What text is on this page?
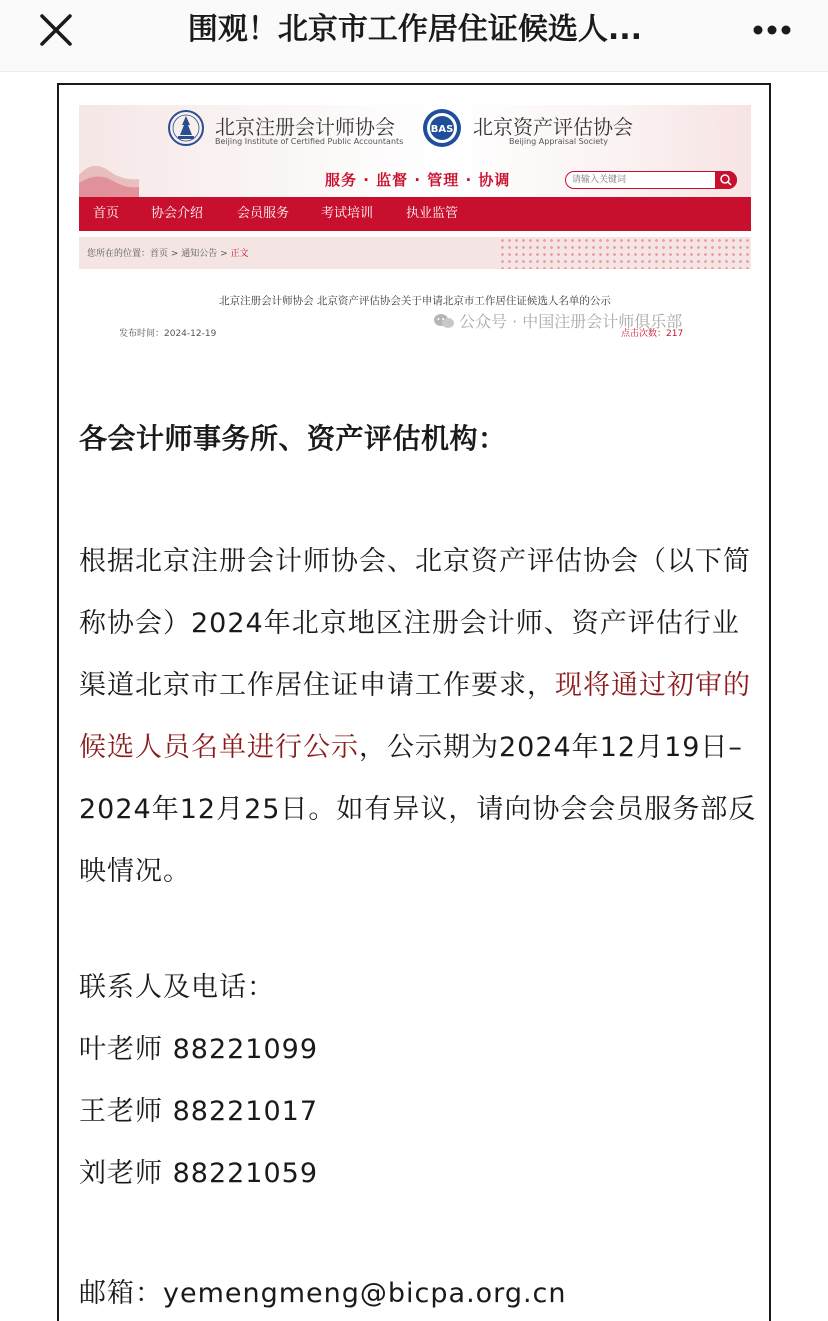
围观！北京市工作居住证候选人...
北京注册会计师协会
Beijing Institute of Certified Public Accountants
BAS 北京资产评估协会
Beijing Appraisal Society
服务 · 监督 · 管理 · 协调
请输入关键词
首页 协会介绍	会员服务 考试培训	执业监管
您所在的位置：首页 > 通知公告 > 正文
北京注册会计师协会 北京资产评估协会关于申请北京市工作居住证候选人名单的公示
发布时间：2024-12-19	点击次数：217
公众号 · 中国注册会计师俱乐部
各会计师事务所、资产评估机构：
根据北京注册会计师协会、北京资产评估协会（以下简称协会）2024年北京地区注册会计师、资产评估行业渠道北京市工作居住证申请工作要求，现将通过初审的候选人员名单进行公示，公示期为2024年12月19日–2024年12月25日。如有异议，请向协会会员服务部反映情况。
联系人及电话：
叶老师 88221099
王老师 88221017
刘老师 88221059
邮箱：yemengmeng@bicpa.org.cn
